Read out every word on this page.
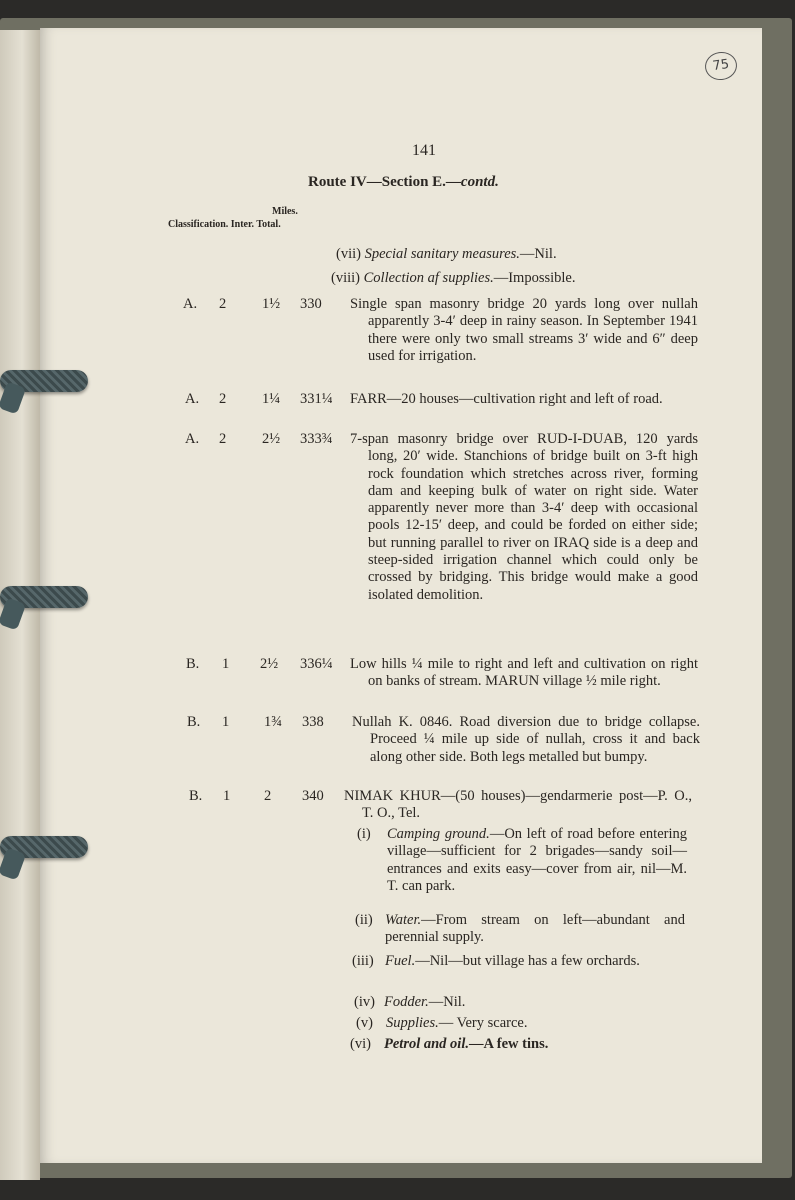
75
141
Route IV—Section E.—contd.
Miles.
Classification. Inter. Total.
(vii) Special sanitary measures.—Nil.
(viii) Collection af supplies.—Impossible.
A. 2 1½ 330 Single span masonry bridge 20 yards long over nullah apparently 3-4′ deep in rainy season. In September 1941 there were only two small streams 3′ wide and 6″ deep used for irrigation.
A. 2 1¼ 331¼ FARR—20 houses—cultivation right and left of road.
A. 2 2½ 333¾ 7-span masonry bridge over RUD-I-DUAB, 120 yards long, 20′ wide. Stanchions of bridge built on 3-ft high rock foundation which stretches across river, forming dam and keeping bulk of water on right side. Water apparently never more than 3-4′ deep with occasional pools 12-15′ deep, and could be forded on either side; but running parallel to river on IRAQ side is a deep and steep-sided irrigation channel which could only be crossed by bridging. This bridge would make a good isolated demolition.
B. 1 2½ 336¼ Low hills ¼ mile to right and left and cultivation on right on banks of stream. MARUN village ½ mile right.
B. 1 1¾ 338 Nullah K. 0846. Road diversion due to bridge collapse. Proceed ¼ mile up side of nullah, cross it and back along other side. Both legs metalled but bumpy.
B. 1 2 340 NIMAK KHUR—(50 houses)—gendarmerie post—P. O., T. O., Tel.
(i) Camping ground.—On left of road before entering village—sufficient for 2 brigades—sandy soil—entrances and exits easy—cover from air, nil—M. T. can park.
(ii) Water.—From stream on left—abundant and perennial supply.
(iii) Fuel.—Nil—but village has a few orchards.
(iv) Fodder.—Nil.
(v) Supplies.— Very scarce.
(vi) Petrol and oil.—A few tins.
